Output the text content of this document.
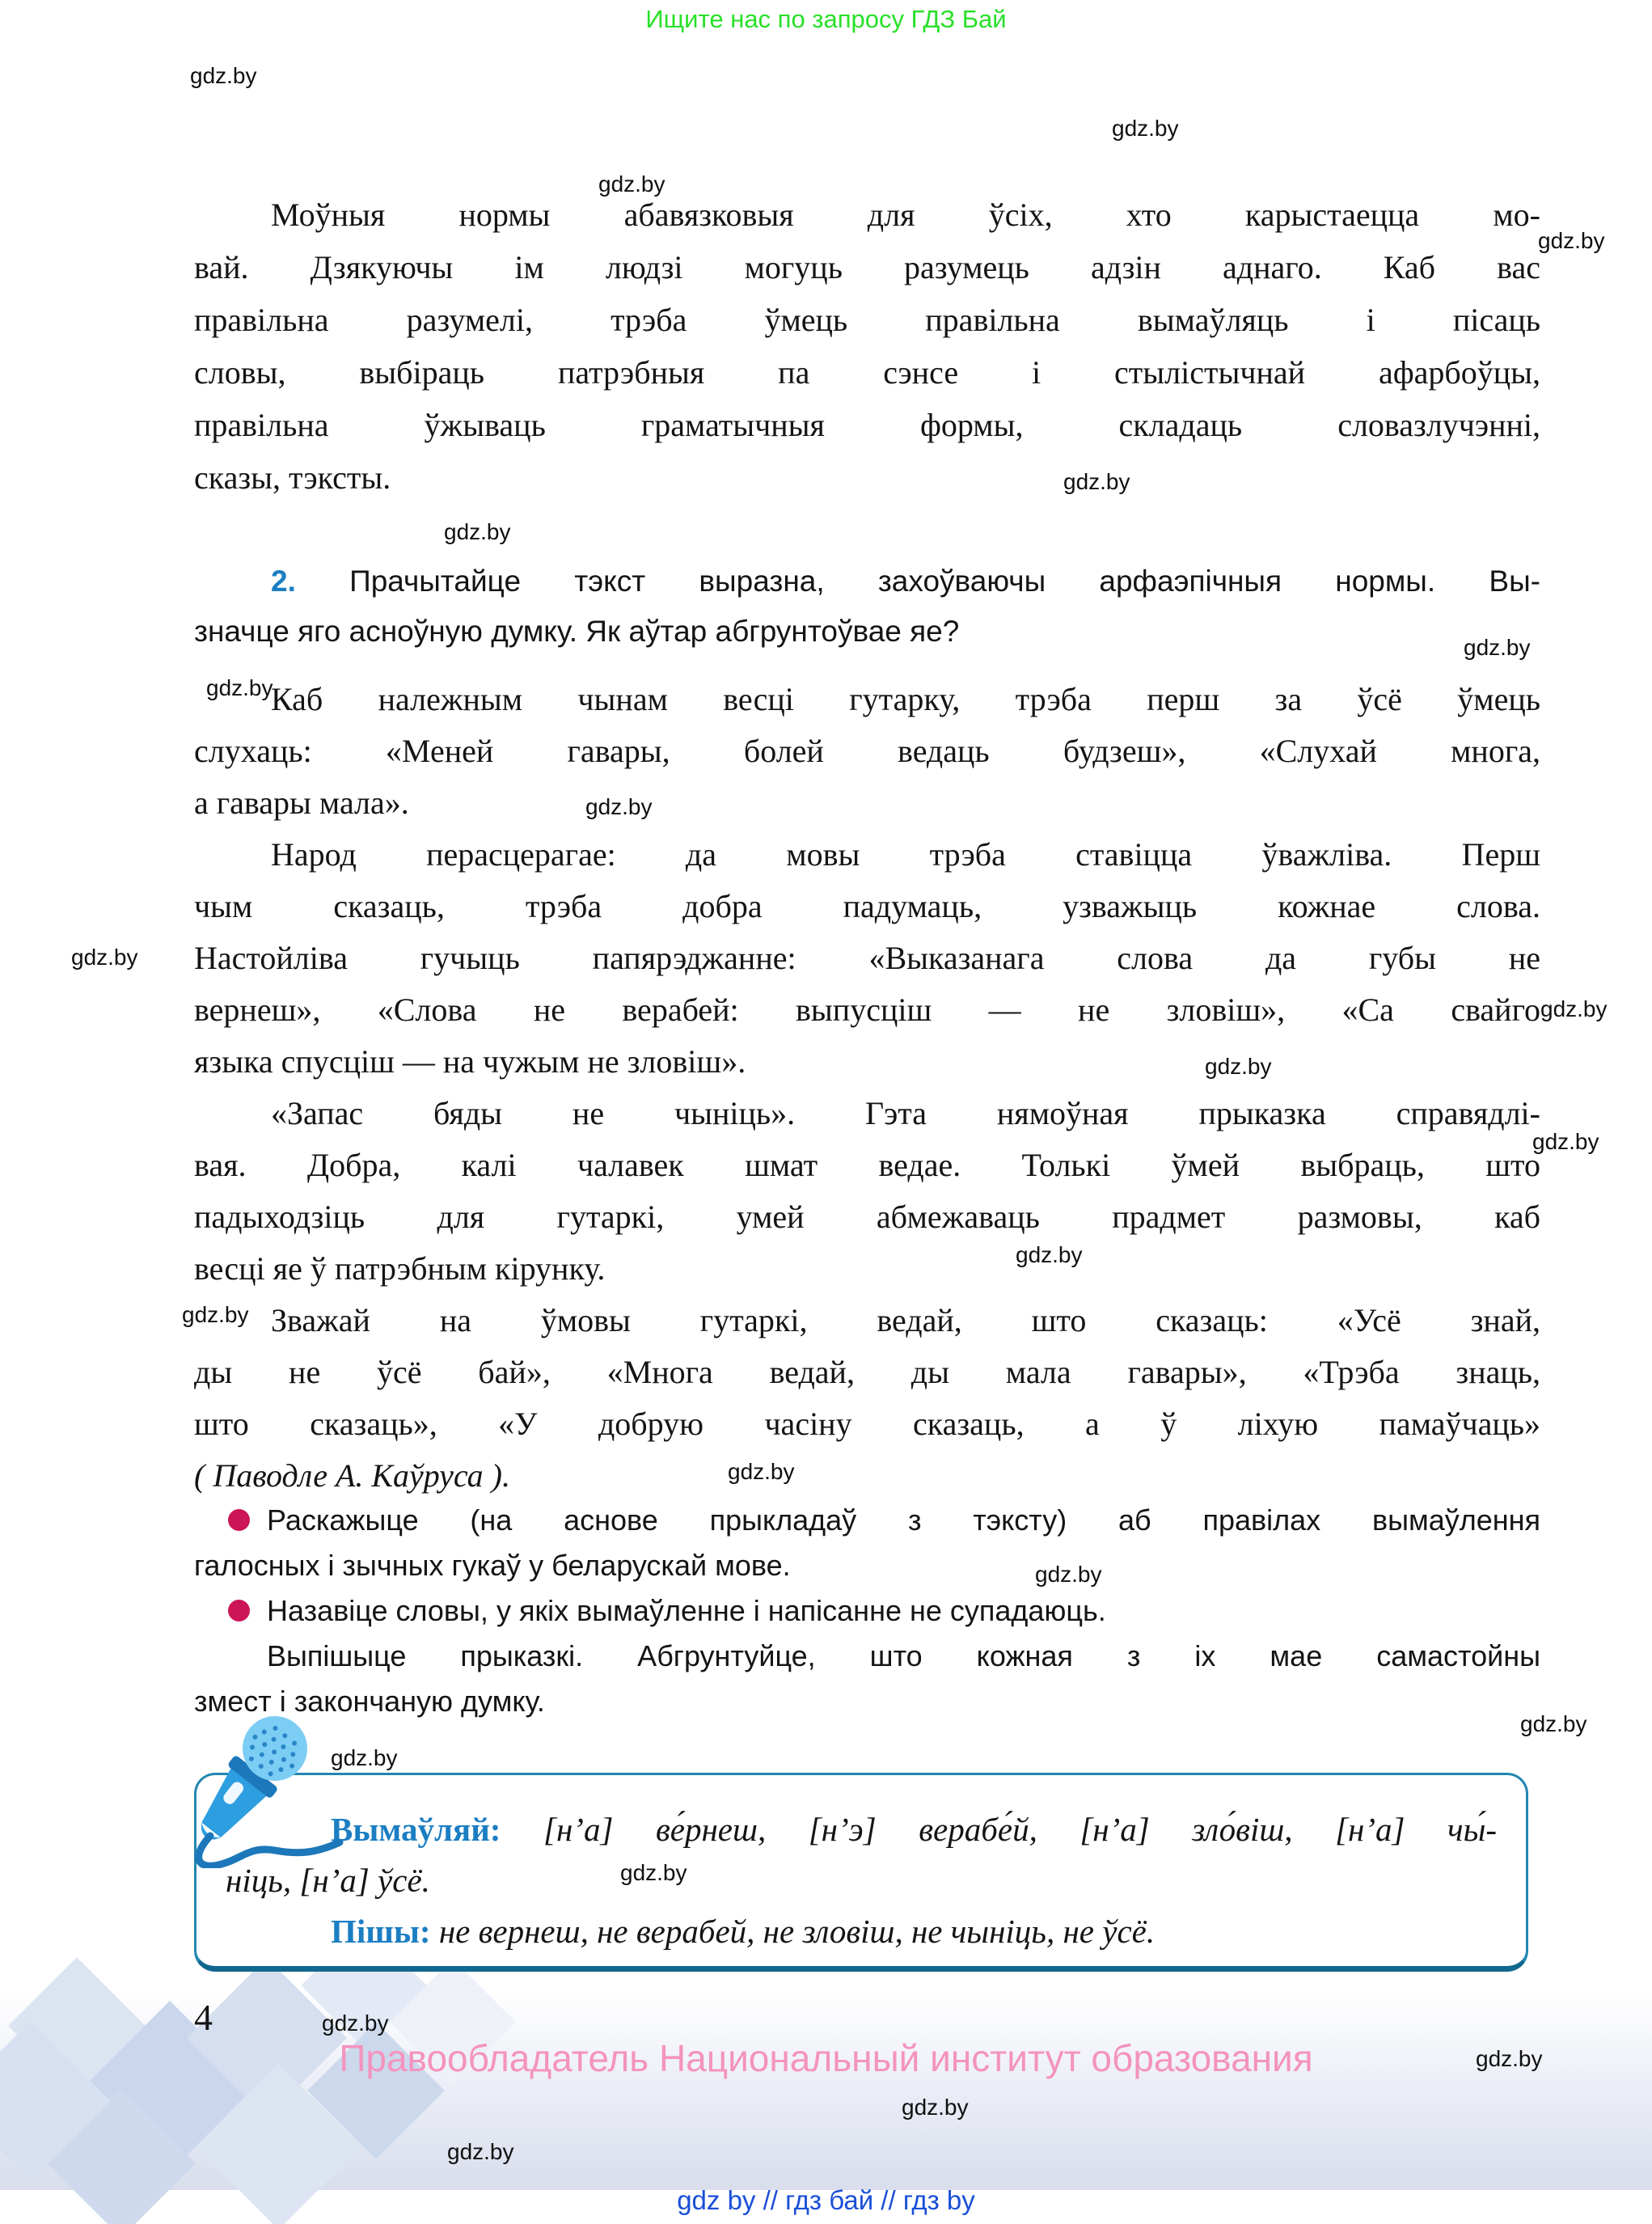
Ищите нас по запросу ГДЗ Бай
Моўныя нормы абавязковыя для ўсіх, хто карыстаецца мо-
вай. Дзякуючы ім людзі могуць разумець адзін аднаго. Каб вас
правільна разумелі, трэба ўмець правільна вымаўляць і пісаць
словы, выбіраць патрэбныя па сэнсе і стылістычнай афарбоўцы,
правільна ўжываць граматычныя формы, складаць словазлучэнні,
сказы, тэксты.
2. Прачытайце тэкст выразна, захоўваючы арфаэпічныя нормы. Вы-
значце яго асноўную думку. Як аўтар абгрунтоўвае яе?
Каб належным чынам весці гутарку, трэба перш за ўсё ўмець
слухаць: «Меней гавары, болей ведаць будзеш», «Слухай многа,
а гавары мала».
Народ перасцерагае: да мовы трэба ставіцца ўважліва. Перш
чым сказаць, трэба добра падумаць, узважыць кожнае слова.
Настойліва гучыць папярэджанне: «Выказанага слова да губы не
вернеш», «Слова не верабей: выпусціш — не зловіш», «Са свайго
языка спусціш — на чужым не зловіш».
«Запас бяды не чыніць». Гэта нямоўная прыказка справядлі-
вая. Добра, калі чалавек шмат ведае. Толькі ўмей выбраць, што
падыходзіць для гутаркі, умей абмежаваць прадмет размовы, каб
весці яе ў патрэбным кірунку.
Зважай на ўмовы гутаркі, ведай, што сказаць: «Усё знай,
ды не ўсё бай», «Многа ведай, ды мала гавары», «Трэба знаць,
што сказаць», «У добрую часіну сказаць, а ў ліхую памаўчаць»
( Паводле А. Каўруса ).
Раскажыце (на аснове прыкладаў з тэксту) аб правілах вымаўлення
галосных і зычных гукаў у беларускай мове.
Назавіце словы, у якіх вымаўленне і напісанне не супадаюць.
Выпішыце прыказкі. Абгрунтуйце, што кожная з іх мае самастойны
змест і закончаную думку.
Вымаўляй: [н’а] ве́рнеш, [н’э] верабе́й, [н’а] зло́віш, [н’а] чы́-
ніць, [н’а] ўсё.
Пішы: не вернеш, не верабей, не зловіш, не чыніць, не ўсё.
4
Правообладатель Национальный институт образования
gdz by // гдз бай // гдз by
gdz.by
gdz.by
gdz.by
gdz.by
gdz.by
gdz.by
gdz.by
gdz.by
gdz.by
gdz.by
gdz.by
gdz.by
gdz.by
gdz.by
gdz.by
gdz.by
gdz.by
gdz.by
gdz.by
gdz.by
gdz.by
gdz.by
gdz.by
gdz.by
